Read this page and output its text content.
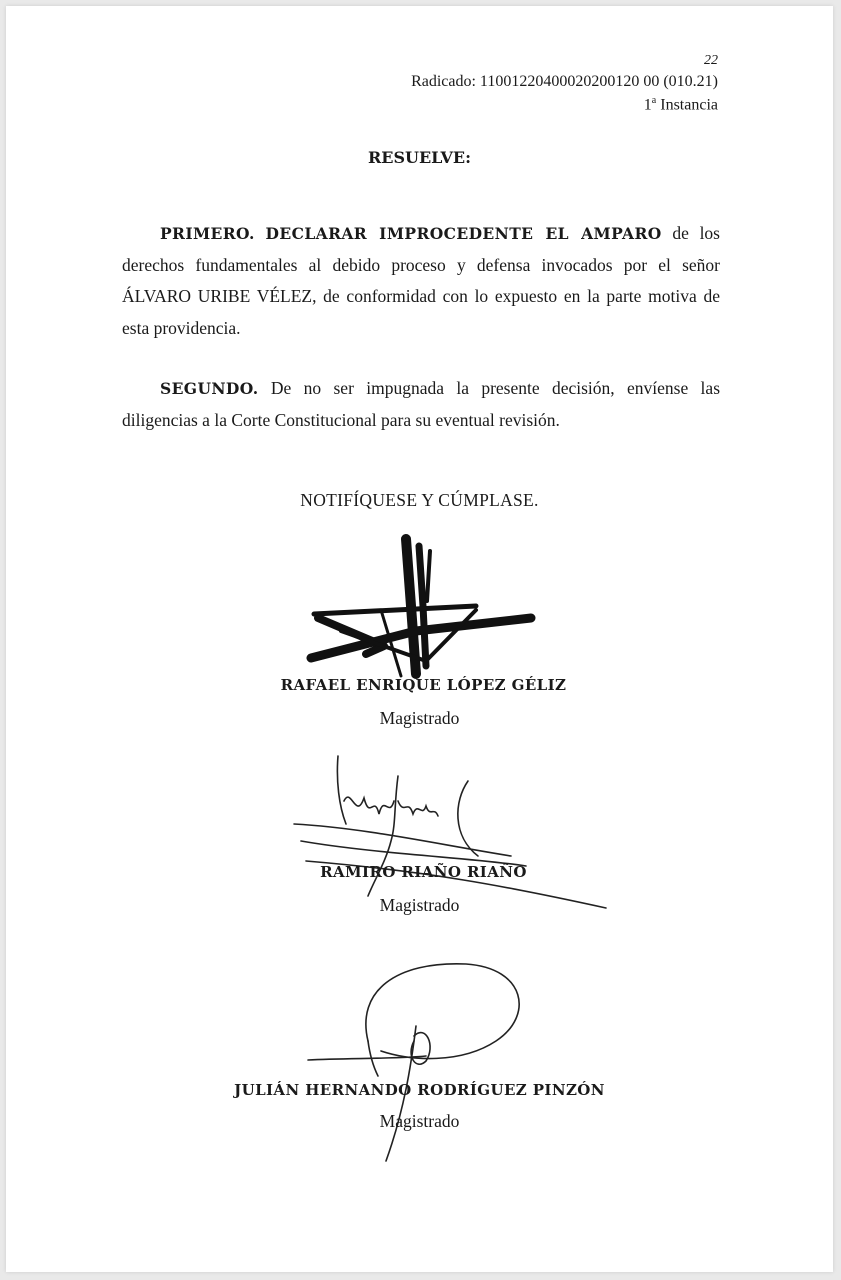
22
Radicado: 11001220400020200120 00 (010.21)
1$^a$ Instancia
RESUELVE:
PRIMERO. DECLARAR IMPROCEDENTE EL AMPARO de los derechos fundamentales al debido proceso y defensa invocados por el señor ÁLVARO URIBE VÉLEZ, de conformidad con lo expuesto en la parte motiva de esta providencia.
SEGUNDO. De no ser impugnada la presente decisión, envíense las diligencias a la Corte Constitucional para su eventual revisión.
NOTIFÍQUESE Y CÚMPLASE.
RAFAEL ENRIQUE LÓPEZ GÉLIZ
Magistrado
RAMIRO RIAÑO RIAÑO
Magistrado
JULIÁN HERNANDO RODRÍGUEZ PINZÓN
Magistrado
